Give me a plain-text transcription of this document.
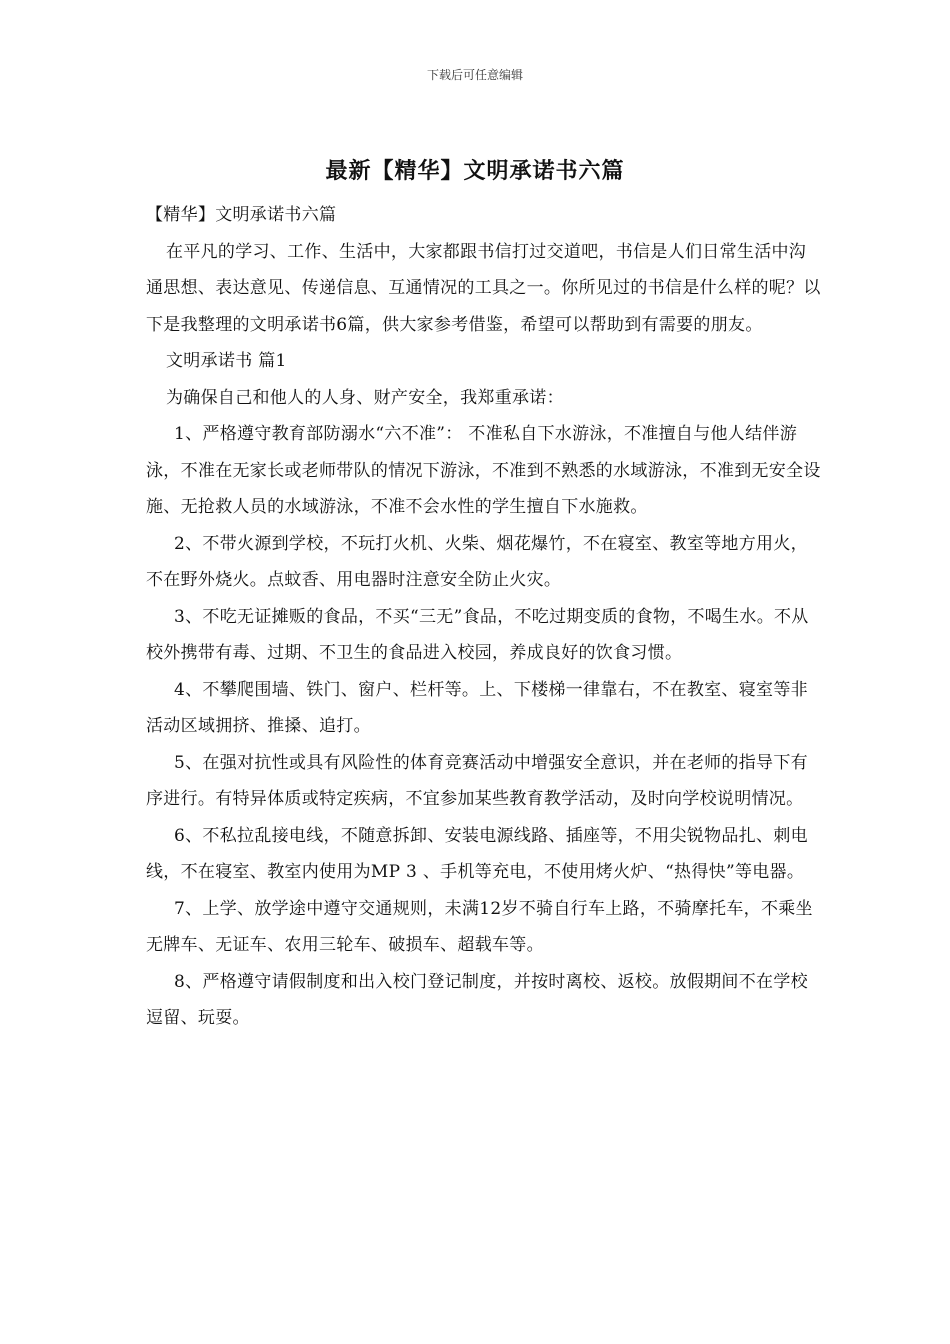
下载后可任意编辑
最新【精华】文明承诺书六篇

【精华】文明承诺书六篇

在平凡的学习、工作、生活中，大家都跟书信打过交道吧，书信是人们日常生活中沟通思想、表达意见、传递信息、互通情况的工具之一。你所见过的书信是什么样的呢？以下是我整理的文明承诺书6篇，供大家参考借鉴，希望可以帮助到有需要的朋友。

文明承诺书 篇1

为确保自己和他人的人身、财产安全，我郑重承诺：

1、严格遵守教育部防溺水“六不准”： 不准私自下水游泳，不准擅自与他人结伴游泳，不准在无家长或老师带队的情况下游泳，不准到不熟悉的水域游泳，不准到无安全设施、无抢救人员的水域游泳，不准不会水性的学生擅自下水施救。

2、不带火源到学校，不玩打火机、火柴、烟花爆竹，不在寝室、教室等地方用火，不在野外烧火。点蚊香、用电器时注意安全防止火灾。

3、不吃无证摊贩的食品，不买“三无”食品，不吃过期变质的食物，不喝生水。不从校外携带有毒、过期、不卫生的食品进入校园，养成良好的饮食习惯。

4、不攀爬围墙、铁门、窗户、栏杆等。上、下楼梯一律靠右，不在教室、寝室等非活动区域拥挤、推搡、追打。

5、在强对抗性或具有风险性的体育竞赛活动中增强安全意识，并在老师的指导下有序进行。有特异体质或特定疾病，不宜参加某些教育教学活动，及时向学校说明情况。

6、不私拉乱接电线，不随意拆卸、安装电源线路、插座等，不用尖锐物品扎、刺电线，不在寝室、教室内使用为MP 3 、手机等充电，不使用烤火炉、“热得快”等电器。

7、上学、放学途中遵守交通规则，未满12岁不骑自行车上路，不骑摩托车，不乘坐无牌车、无证车、农用三轮车、破损车、超载车等。

8、严格遵守请假制度和出入校门登记制度，并按时离校、返校。放假期间不在学校逗留、玩耍。
